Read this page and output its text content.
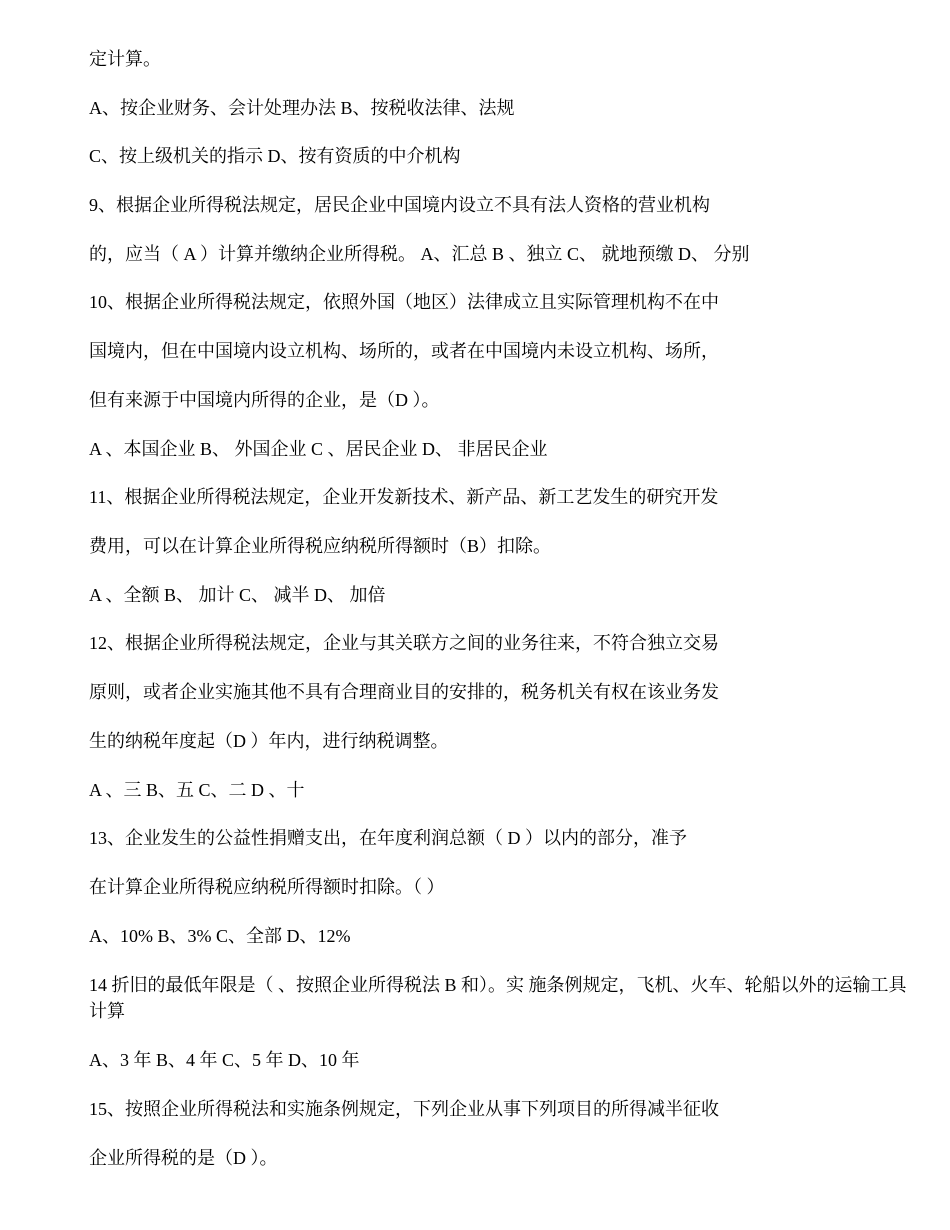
定计算。
A、按企业财务、会计处理办法 B、按税收法律、法规
C、按上级机关的指示 D、按有资质的中介机构
9、根据企业所得税法规定，居民企业中国境内设立不具有法人资格的营业机构
的，应当（ A ）计算并缴纳企业所得税。 A、汇总 B 、独立 C、 就地预缴 D、 分别
10、根据企业所得税法规定，依照外国（地区）法律成立且实际管理机构不在中
国境内，但在中国境内设立机构、场所的，或者在中国境内未设立机构、场所，
但有来源于中国境内所得的企业，是（D ）。
A 、本国企业 B、 外国企业 C 、居民企业 D、 非居民企业
11、根据企业所得税法规定，企业开发新技术、新产品、新工艺发生的研究开发
费用，可以在计算企业所得税应纳税所得额时（B）扣除。
A 、全额 B、 加计 C、 减半 D、 加倍
12、根据企业所得税法规定，企业与其关联方之间的业务往来，不符合独立交易
原则，或者企业实施其他不具有合理商业目的安排的，税务机关有权在该业务发
生的纳税年度起（D ）年内，进行纳税调整。
A 、三 B、五 C、二 D 、十
13、企业发生的公益性捐赠支出，在年度利润总额（ D ）以内的部分，准予
在计算企业所得税应纳税所得额时扣除。（ ）
A、10% B、3% C、全部 D、12%
14 折旧的最低年限是（ 、按照企业所得税法 B 和）。实 施条例规定，飞机、火车、轮船以外的运输工具计算
A、3 年 B、4 年 C、5 年 D、10 年
15、按照企业所得税法和实施条例规定，下列企业从事下列项目的所得减半征收
企业所得税的是（D ）。
